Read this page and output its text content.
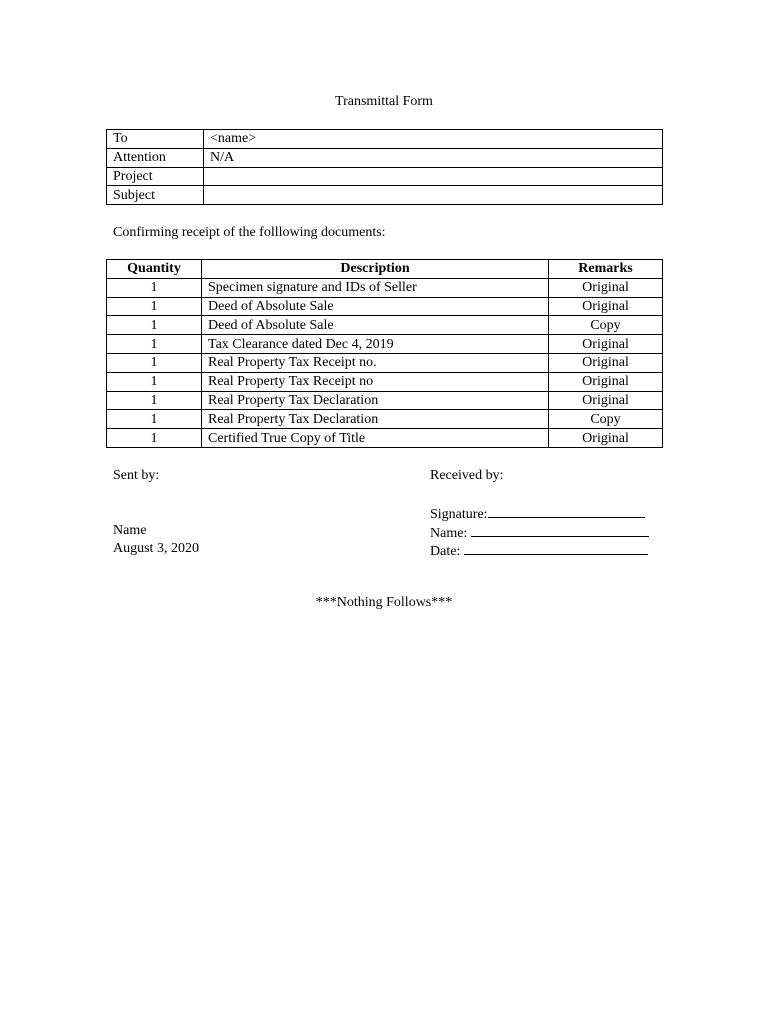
Transmittal Form
To	<name>
Attention	N/A
Project	
Subject	
Confirming receipt of the folllowing documents:
Quantity	Description	Remarks
1	Specimen signature and IDs of Seller	Original
1	Deed of Absolute Sale	Original
1	Deed of Absolute Sale	Copy
1	Tax Clearance dated Dec 4, 2019	Original
1	Real Property Tax Receipt no.	Original
1	Real Property Tax Receipt no	Original
1	Real Property Tax Declaration	Original
1	Real Property Tax Declaration	Copy
1	Certified True Copy of Title	Original
Sent by:	Received by:
Signature:
Name:
Date:
Name
August 3, 2020
***Nothing Follows***
